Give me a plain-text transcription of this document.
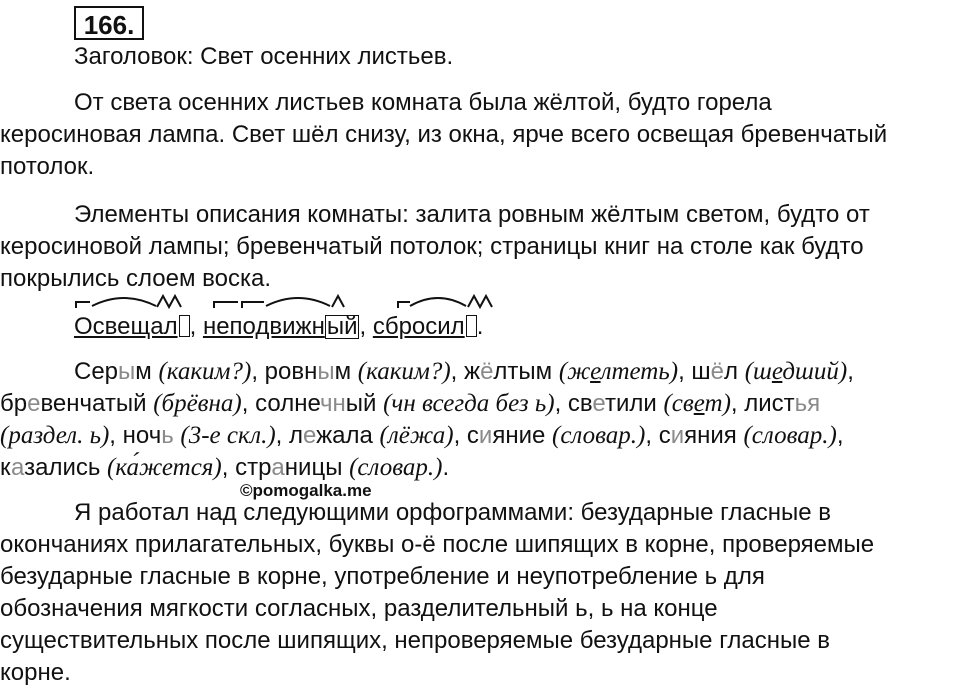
166.
Заголовок: Свет осенних листьев.
От света осенних листьев комната была жёлтой, будто горела
керосиновая лампа. Свет шёл снизу, из окна, ярче всего освещая бревенчатый
потолок.
Элементы описания комнаты: залита ровным жёлтым светом, будто от
керосиновой лампы; бревенчатый потолок; страницы книг на столе как будто
покрылись слоем воска.
Освещал , неподвижный, сбросил .
Серым (каким?), ровным (каким?), жёлтым (желтеть), шёл (шедший),
бревенчатый (брёвна), солнечный (чн всегда без ь), светили (свет), листья
(раздел. ь), ночь (3-е скл.), лежала (лёжа), сияние (словар.), сияния (словар.),
казались (ка́жется), страницы (словар.).
©pomogalka.me
Я работал над следующими орфограммами: безударные гласные в
окончаниях прилагательных, буквы о-ё после шипящих в корне, проверяемые
безударные гласные в корне, употребление и неупотребление ь для
обозначения мягкости согласных, разделительный ь, ь на конце
существительных после шипящих, непроверяемые безударные гласные в
корне.
